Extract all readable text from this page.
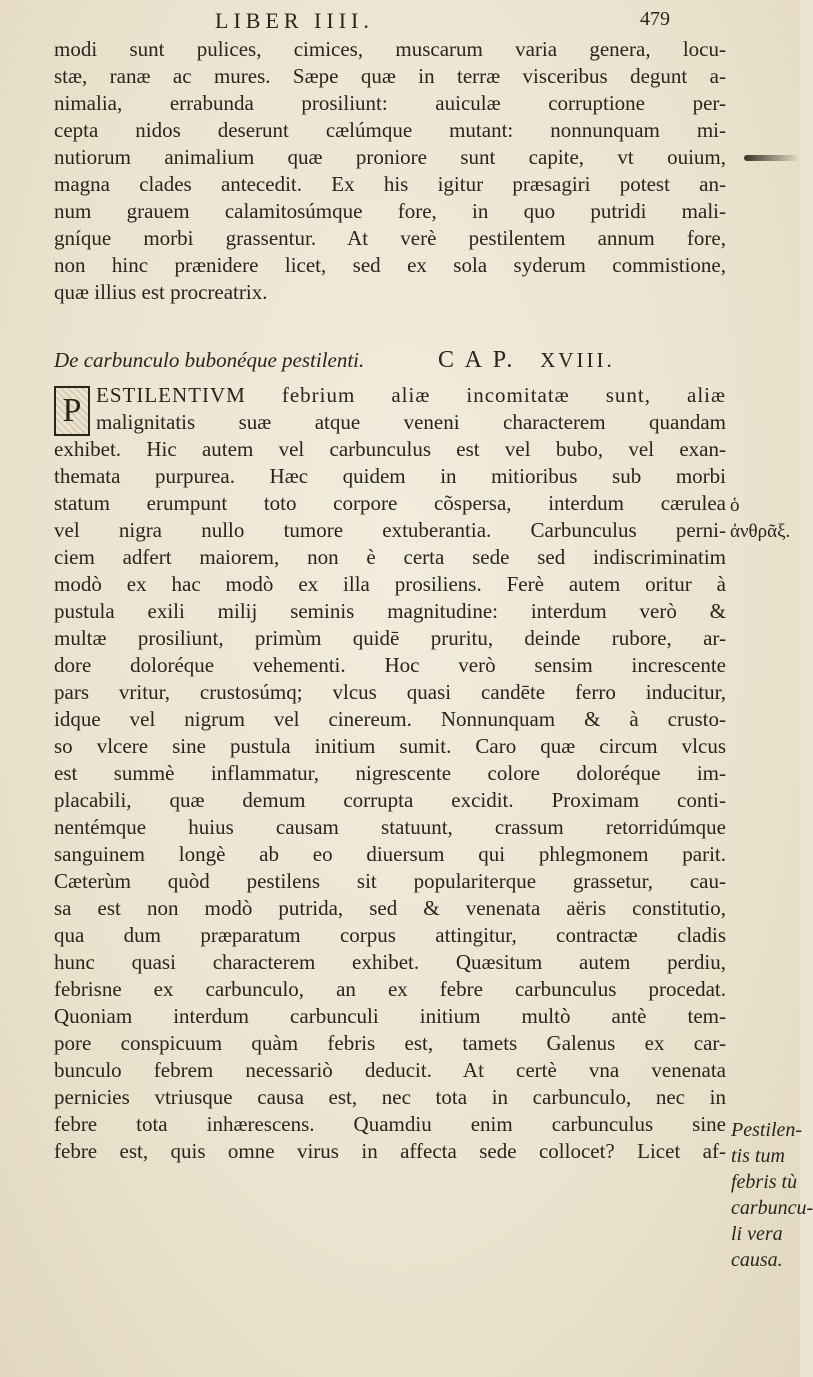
LIBER IIII.	479
modi sunt pulices, cimices, muscarum varia genera, locu-
stæ, ranæ ac mures. Sæpe quæ in terræ visceribus degunt a-
nimalia, errabunda prosiliunt: auiculæ corruptione per-
cepta nidos deserunt cælúmque mutant: nonnunquam mi-
nutiorum animalium quæ proniore sunt capite, vt ouium,
magna clades antecedit. Ex his igitur præsagiri potest an-
num grauem calamitosúmque fore, in quo putridi mali-
gníque morbi grassentur. At verè pestilentem annum fore,
non hinc prænidere licet, sed ex sola syderum commistione,
quæ illius est procreatrix.
De carbunculo bubonéque pestilenti.	C A P. XVIII.
P ESTILENTIVM febrium aliæ incomitatæ sunt, aliæ
malignitatis suæ atque veneni characterem quandam
exhibet. Hic autem vel carbunculus est vel bubo, vel exan-
themata purpurea. Hæc quidem in mitioribus sub morbi
statum erumpunt toto corpore cõspersa, interdum cærulea
vel nigra nullo tumore extuberantia. Carbunculus perni-
ciem adfert maiorem, non è certa sede sed indiscriminatim
modò ex hac modò ex illa prosiliens. Ferè autem oritur à
pustula exili milij seminis magnitudine: interdum verò &
multæ prosiliunt, primùm quidē pruritu, deinde rubore, ar-
dore doloréque vehementi. Hoc verò sensim increscente
pars vritur, crustosúmq; vlcus quasi candēte ferro inducitur,
idque vel nigrum vel cinereum. Nonnunquam & à crusto-
so vlcere sine pustula initium sumit. Caro quæ circum vlcus
est summè inflammatur, nigrescente colore doloréque im-
placabili, quæ demum corrupta excidit. Proximam conti-
nentémque huius causam statuunt, crassum retorridúmque
sanguinem longè ab eo diuersum qui phlegmonem parit.
Cæterùm quòd pestilens sit populariterque grassetur, cau-
sa est non modò putrida, sed & venenata aëris constitutio,
qua dum præparatum corpus attingitur, contractæ cladis
hunc quasi characterem exhibet. Quæsitum autem perdiu,
febrisne ex carbunculo, an ex febre carbunculus procedat.
Quoniam interdum carbunculi initium multò antè tem-
pore conspicuum quàm febris est, tamets Galenus ex car-
bunculo febrem necessariò deducit. At certè vna venenata
pernicies vtriusque causa est, nec tota in carbunculo, nec in
febre tota inhærescens. Quamdiu enim carbunculus sine
febre est, quis omne virus in affecta sede collocet? Licet af-
ὁ ἀνθρᾶξ.
Pestilen-
tis tum
febris tù
carbuncu-
li vera
causa.
